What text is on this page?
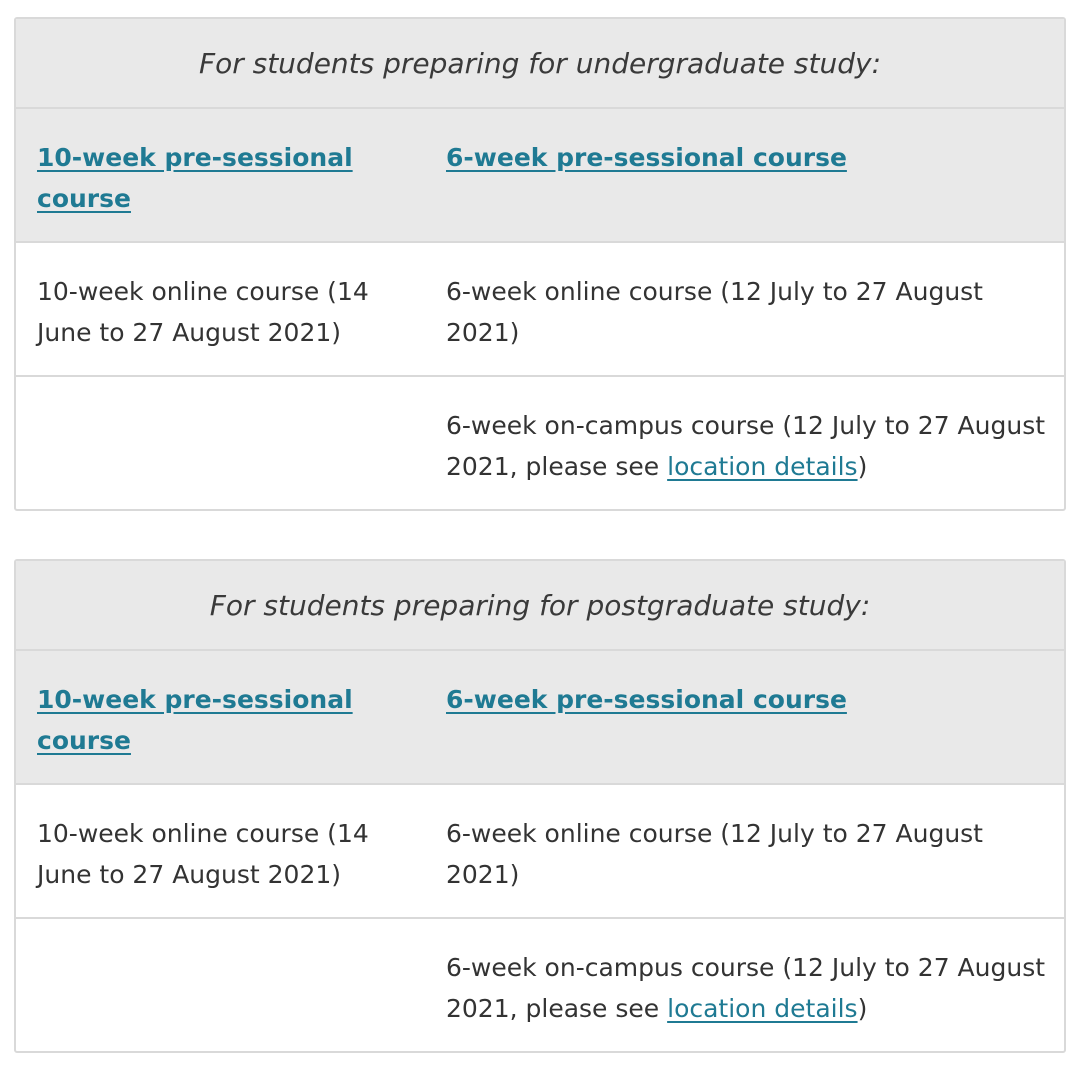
For students preparing for undergraduate study:
10-week pre-sessional course
6-week pre-sessional course
10-week online course (14 June to 27 August 2021)
6-week online course (12 July to 27 August 2021)
6-week on-campus course (12 July to 27 August 2021, please see location details)
For students preparing for postgraduate study:
10-week pre-sessional course
6-week pre-sessional course
10-week online course (14 June to 27 August 2021)
6-week online course (12 July to 27 August 2021)
6-week on-campus course (12 July to 27 August 2021, please see location details)
